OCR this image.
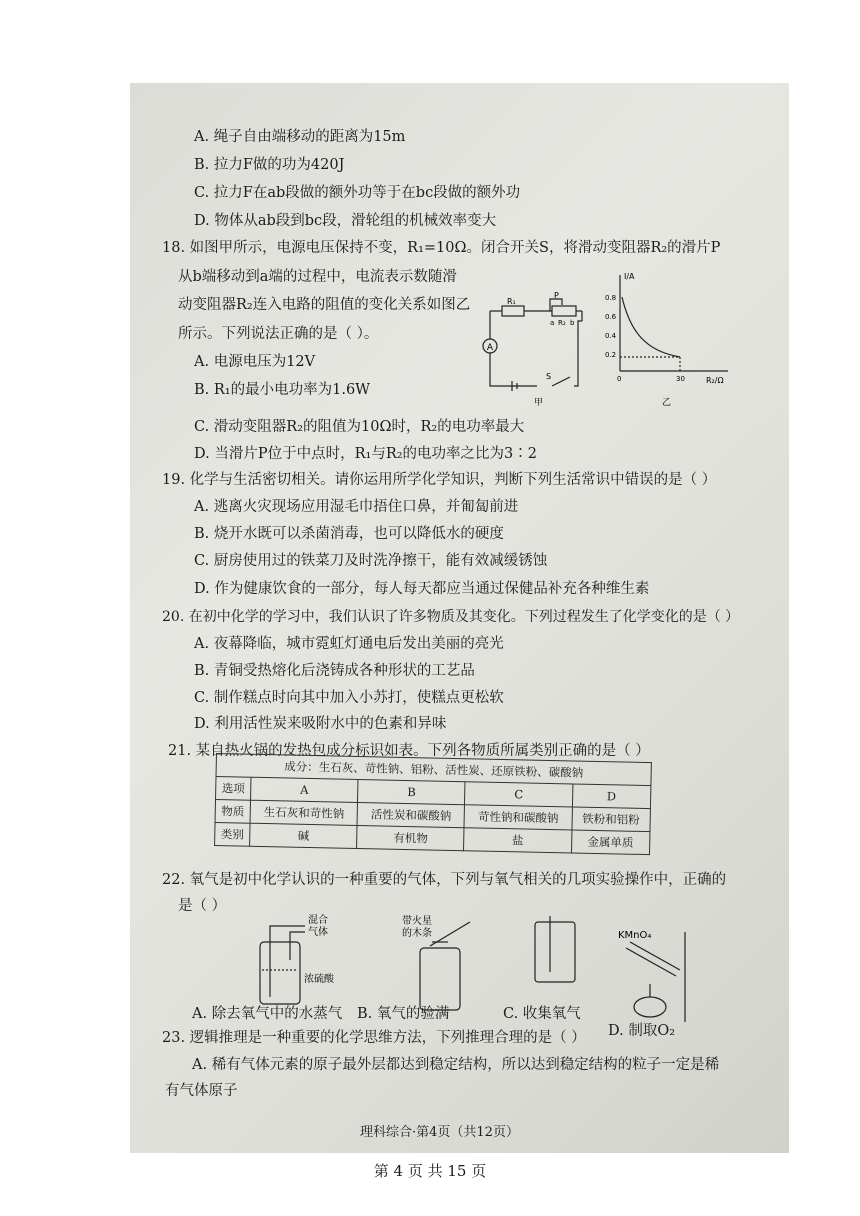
A. 绳子自由端移动的距离为15m
B. 拉力F做的功为420J
C. 拉力F在ab段做的额外功等于在bc段做的额外功
D. 物体从ab段到bc段，滑轮组的机械效率变大
18. 如图甲所示，电源电压保持不变，R₁=10Ω。闭合开关S，将滑动变阻器R₂的滑片P
从b端移动到a端的过程中，电流表示数随滑
动变阻器R₂连入电路的阻值的变化关系如图乙
所示。下列说法正确的是（ ）。
A. 电源电压为12V
B. R₁的最小电功率为1.6W
C. 滑动变阻器R₂的阻值为10Ω时，R₂的电功率最大
D. 当滑片P位于中点时，R₁与R₂的电功率之比为3∶2
A
R₁
P
a R₂ b
S
甲
I/A
0.8
0.6
0.4
0.2
0	30	R₂/Ω
乙
19. 化学与生活密切相关。请你运用所学化学知识，判断下列生活常识中错误的是（ ）
A. 逃离火灾现场应用湿毛巾捂住口鼻，并匍匐前进
B. 烧开水既可以杀菌消毒，也可以降低水的硬度
C. 厨房使用过的铁菜刀及时洗净擦干，能有效减缓锈蚀
D. 作为健康饮食的一部分，每人每天都应当通过保健品补充各种维生素
20. 在初中化学的学习中，我们认识了许多物质及其变化。下列过程发生了化学变化的是（ ）
A. 夜幕降临，城市霓虹灯通电后发出美丽的亮光
B. 青铜受热熔化后浇铸成各种形状的工艺品
C. 制作糕点时向其中加入小苏打，使糕点更松软
D. 利用活性炭来吸附水中的色素和异味
21. 某自热火锅的发热包成分标识如表。下列各物质所属类别正确的是（ ）
成分：生石灰、苛性钠、铝粉、活性炭、还原铁粉、碳酸钠				
选项	A	B	C	D
物质	生石灰和苛性钠	活性炭和碳酸钠	苛性钠和碳酸钠	铁粉和铝粉
类别	碱	有机物	盐	金属单质
22. 氧气是初中化学认识的一种重要的气体，下列与氧气相关的几项实验操作中，正确的
是（ ）
混合
气体
浓硫酸
带火星
的木条	KMnO₄
A. 除去氧气中的水蒸气 B. 氧气的验满	C. 收集氧气
D. 制取O₂
23. 逻辑推理是一种重要的化学思维方法，下列推理合理的是（ ）
A. 稀有气体元素的原子最外层都达到稳定结构，所以达到稳定结构的粒子一定是稀
有气体原子
理科综合·第4页（共12页）
第 4 页 共 15 页
